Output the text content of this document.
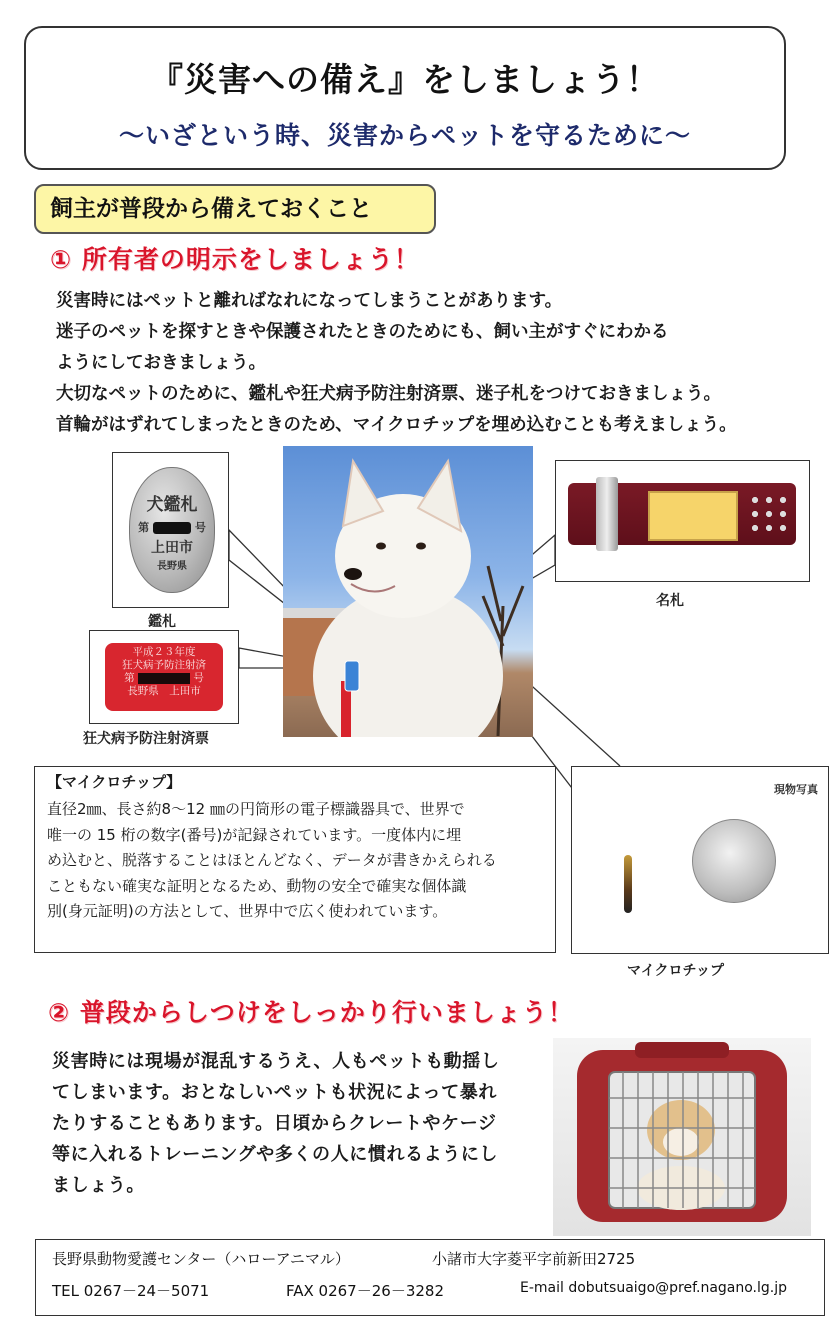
『災害への備え』をしましょう！
～いざという時、災害からペットを守るために～
飼主が普段から備えておくこと
① 所有者の明示をしましょう！
災害時にはペットと離ればなれになってしまうことがあります。
迷子のペットを探すときや保護されたときのためにも、飼い主がすぐにわかる
ようにしておきましょう。
大切なペットのために、鑑札や狂犬病予防注射済票、迷子札をつけておきましょう。
首輪がはずれてしまったときのため、マイクロチップを埋め込むことも考えましょう。
犬鑑札
第	号
上田市
長野県
鑑札
平成２３年度
狂犬病予防注射済
第	号
長野県　上田市
狂犬病予防注射済票
名札
【マイクロチップ】
直径2㎜、長さ約8～12 ㎜の円筒形の電子標識器具で、世界で
唯一の 15 桁の数字(番号)が記録されています。一度体内に埋
め込むと、脱落することはほとんどなく、データが書きかえられる
こともない確実な証明となるため、動物の安全で確実な個体識
別(身元証明)の方法として、世界中で広く使われています。
現物写真
マイクロチップ
② 普段からしつけをしっかり行いましょう！
災害時には現場が混乱するうえ、人もペットも動揺し
てしまいます。おとなしいペットも状況によって暴れ
たりすることもあります。日頃からクレートやケージ
等に入れるトレーニングや多くの人に慣れるようにし
ましょう。
長野県動物愛護センター（ハローアニマル）	小諸市大字菱平字前新田2725
TEL 0267－24－5071	FAX 0267－26－3282	E-mail dobutsuaigo@pref.nagano.lg.jp
